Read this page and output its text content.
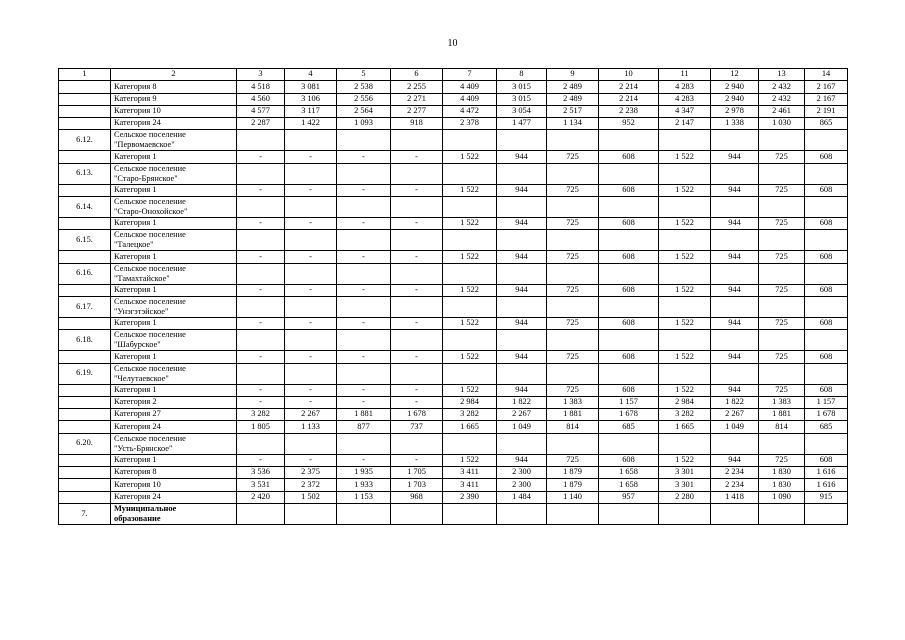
10
1	2	3	4	5	6	7	8	9	10	11	12	13	14
	Категория 8	4 518	3 081	2 538	2 255	4 409	3 015	2 489	2 214	4 283	2 940	2 432	2 167
	Категория 9	4 560	3 106	2 556	2 271	4 409	3 015	2 489	2 214	4 283	2 940	2 432	2 167
	Категория 10	4 577	3 117	2 564	2 277	4 472	3 054	2 517	2 238	4 347	2 978	2 461	2 191
	Категория 24	2 287	1 422	1 093	918	2 378	1 477	1 134	952	2 147	1 338	1 030	865
6.12.	Сельское поселение
"Первомаевское"												
	Категория 1	-	-	-	-	1 522	944	725	608	1 522	944	725	608
6.13.	Сельское поселение
"Старо-Брянское"												
	Категория 1	-	-	-	-	1 522	944	725	608	1 522	944	725	608
6.14.	Сельское поселение
"Старо-Онохойское"												
	Категория 1	-	-	-	-	1 522	944	725	608	1 522	944	725	608
6.15.	Сельское поселение
"Талецкое"												
	Категория 1	-	-	-	-	1 522	944	725	608	1 522	944	725	608
6.16.	Сельское поселение
"Тамахтайское"												
	Категория 1	-	-	-	-	1 522	944	725	608	1 522	944	725	608
6.17.	Сельское поселение
"Унэгэтэйское"												
	Категория 1	-	-	-	-	1 522	944	725	608	1 522	944	725	608
6.18.	Сельское поселение
"Шабурское"												
	Категория 1	-	-	-	-	1 522	944	725	608	1 522	944	725	608
6.19.	Сельское поселение
"Челутаевское"												
	Категория 1	-	-	-	-	1 522	944	725	608	1 522	944	725	608
	Категория 2	-	-	-	-	2 984	1 822	1 383	1 157	2 984	1 822	1 383	1 157
	Категория 27	3 282	2 267	1 881	1 678	3 282	2 267	1 881	1 678	3 282	2 267	1 881	1 678
	Категория 24	1 805	1 133	877	737	1 665	1 049	814	685	1 665	1 049	814	685
6.20.	Сельское поселение
"Усть-Брянское"												
	Категория 1	-	-	-	-	1 522	944	725	608	1 522	944	725	608
	Категория 8	3 536	2 375	1 935	1 705	3 411	2 300	1 879	1 658	3 301	2 234	1 830	1 616
	Категория 10	3 531	2 372	1 933	1 703	3 411	2 300	1 879	1 658	3 301	2 234	1 830	1 616
	Категория 24	2 420	1 502	1 153	968	2 390	1 484	1 140	957	2 280	1 418	1 090	915
7.	Муниципальное
образование												
